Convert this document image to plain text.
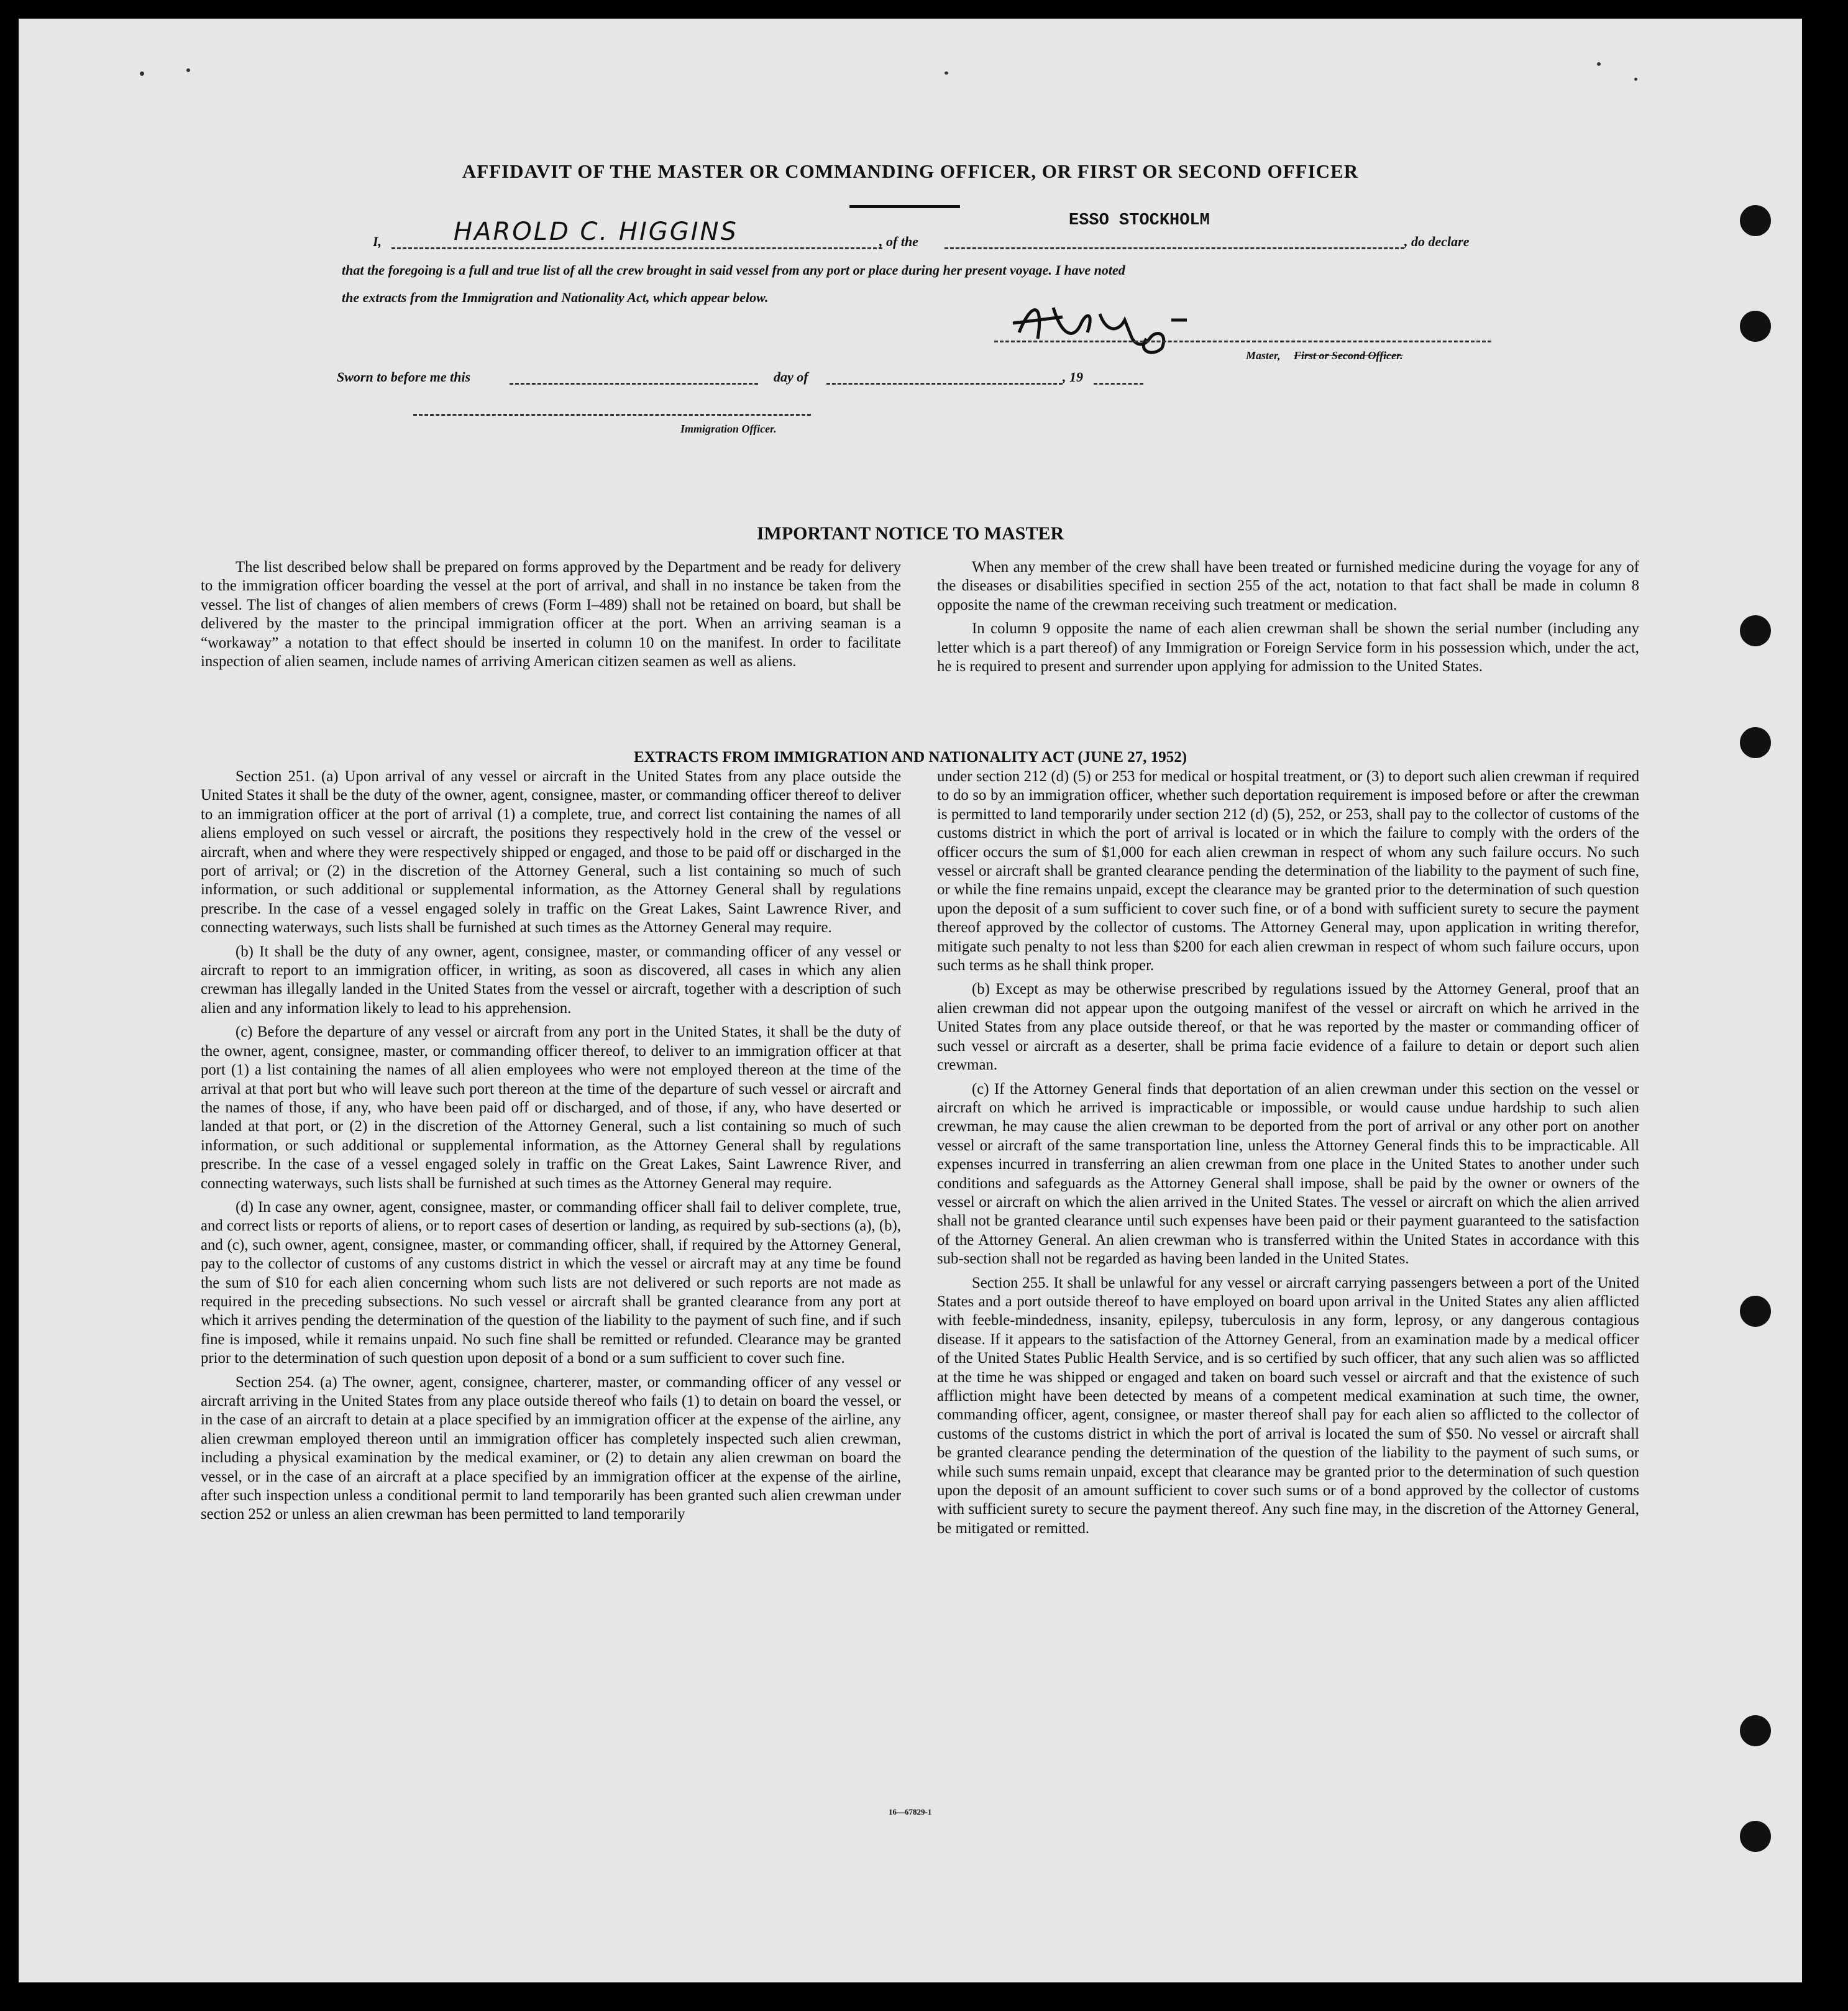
AFFIDAVIT OF THE MASTER OR COMMANDING OFFICER, OR FIRST OR SECOND OFFICER
I,	HAROLD C. HIGGINS	, of the
ESSO STOCKHOLM
, do declare
that the foregoing is a full and true list of all the crew brought in said vessel from any port or place during her present voyage. I have noted
the extracts from the Immigration and Nationality Act, which appear below.
Master, First or Second Officer.
Sworn to before me this	day of	, 19
Immigration Officer.
IMPORTANT NOTICE TO MASTER

The list described below shall be prepared on forms approved by the Department and be ready for delivery to the immigration officer boarding the vessel at the port of arrival, and shall in no instance be taken from the vessel. The list of changes of alien members of crews (Form I–489) shall not be retained on board, but shall be delivered by the master to the principal immigration officer at the port. When an arriving seaman is a “workaway” a notation to that effect should be inserted in column 10 on the manifest. In order to facilitate inspection of alien seamen, include names of arriving American citizen seamen as well as aliens.

When any member of the crew shall have been treated or furnished medicine during the voyage for any of the diseases or disabilities specified in section 255 of the act, notation to that fact shall be made in column 8 opposite the name of the crewman receiving such treatment or medication.

In column 9 opposite the name of each alien crewman shall be shown the serial number (including any letter which is a part thereof) of any Immigration or Foreign Service form in his possession which, under the act, he is required to present and surrender upon applying for admission to the United States.

EXTRACTS FROM IMMIGRATION AND NATIONALITY ACT (JUNE 27, 1952)

Section 251. (a) Upon arrival of any vessel or aircraft in the United States from any place outside the United States it shall be the duty of the owner, agent, consignee, master, or commanding officer thereof to deliver to an immigration officer at the port of arrival (1) a complete, true, and correct list containing the names of all aliens employed on such vessel or aircraft, the positions they respectively hold in the crew of the vessel or aircraft, when and where they were respectively shipped or engaged, and those to be paid off or discharged in the port of arrival; or (2) in the discretion of the Attorney General, such a list containing so much of such information, or such additional or supplemental information, as the Attorney General shall by regulations prescribe. In the case of a vessel engaged solely in traffic on the Great Lakes, Saint Lawrence River, and connecting waterways, such lists shall be furnished at such times as the Attorney General may require.

(b) It shall be the duty of any owner, agent, consignee, master, or commanding officer of any vessel or aircraft to report to an immigration officer, in writing, as soon as discovered, all cases in which any alien crewman has illegally landed in the United States from the vessel or aircraft, together with a description of such alien and any information likely to lead to his apprehension.

(c) Before the departure of any vessel or aircraft from any port in the United States, it shall be the duty of the owner, agent, consignee, master, or commanding officer thereof, to deliver to an immigration officer at that port (1) a list containing the names of all alien employees who were not employed thereon at the time of the arrival at that port but who will leave such port thereon at the time of the departure of such vessel or aircraft and the names of those, if any, who have been paid off or discharged, and of those, if any, who have deserted or landed at that port, or (2) in the discretion of the Attorney General, such a list containing so much of such information, or such additional or supplemental information, as the Attorney General shall by regulations prescribe. In the case of a vessel engaged solely in traffic on the Great Lakes, Saint Lawrence River, and connecting waterways, such lists shall be furnished at such times as the Attorney General may require.

(d) In case any owner, agent, consignee, master, or commanding officer shall fail to deliver complete, true, and correct lists or reports of aliens, or to report cases of desertion or landing, as required by sub-sections (a), (b), and (c), such owner, agent, consignee, master, or commanding officer, shall, if required by the Attorney General, pay to the collector of customs of any customs district in which the vessel or aircraft may at any time be found the sum of $10 for each alien concerning whom such lists are not delivered or such reports are not made as required in the preceding subsections. No such vessel or aircraft shall be granted clearance from any port at which it arrives pending the determination of the question of the liability to the payment of such fine, and if such fine is imposed, while it remains unpaid. No such fine shall be remitted or refunded. Clearance may be granted prior to the determination of such question upon deposit of a bond or a sum sufficient to cover such fine.

Section 254. (a) The owner, agent, consignee, charterer, master, or commanding officer of any vessel or aircraft arriving in the United States from any place outside thereof who fails (1) to detain on board the vessel, or in the case of an aircraft to detain at a place specified by an immigration officer at the expense of the airline, any alien crewman employed thereon until an immigration officer has completely inspected such alien crewman, including a physical examination by the medical examiner, or (2) to detain any alien crewman on board the vessel, or in the case of an aircraft at a place specified by an immigration officer at the expense of the airline, after such inspection unless a conditional permit to land temporarily has been granted such alien crewman under section 252 or unless an alien crewman has been permitted to land temporarily

under section 212 (d) (5) or 253 for medical or hospital treatment, or (3) to deport such alien crewman if required to do so by an immigration officer, whether such deportation requirement is imposed before or after the crewman is permitted to land temporarily under section 212 (d) (5), 252, or 253, shall pay to the collector of customs of the customs district in which the port of arrival is located or in which the failure to comply with the orders of the officer occurs the sum of $1,000 for each alien crewman in respect of whom any such failure occurs. No such vessel or aircraft shall be granted clearance pending the determination of the liability to the payment of such fine, or while the fine remains unpaid, except the clearance may be granted prior to the determination of such question upon the deposit of a sum sufficient to cover such fine, or of a bond with sufficient surety to secure the payment thereof approved by the collector of customs. The Attorney General may, upon application in writing therefor, mitigate such penalty to not less than $200 for each alien crewman in respect of whom such failure occurs, upon such terms as he shall think proper.

(b) Except as may be otherwise prescribed by regulations issued by the Attorney General, proof that an alien crewman did not appear upon the outgoing manifest of the vessel or aircraft on which he arrived in the United States from any place outside thereof, or that he was reported by the master or commanding officer of such vessel or aircraft as a deserter, shall be prima facie evidence of a failure to detain or deport such alien crewman.

(c) If the Attorney General finds that deportation of an alien crewman under this section on the vessel or aircraft on which he arrived is impracticable or impossible, or would cause undue hardship to such alien crewman, he may cause the alien crewman to be deported from the port of arrival or any other port on another vessel or aircraft of the same transportation line, unless the Attorney General finds this to be impracticable. All expenses incurred in transferring an alien crewman from one place in the United States to another under such conditions and safeguards as the Attorney General shall impose, shall be paid by the owner or owners of the vessel or aircraft on which the alien arrived in the United States. The vessel or aircraft on which the alien arrived shall not be granted clearance until such expenses have been paid or their payment guaranteed to the satisfaction of the Attorney General. An alien crewman who is transferred within the United States in accordance with this sub-section shall not be regarded as having been landed in the United States.

Section 255. It shall be unlawful for any vessel or aircraft carrying passengers between a port of the United States and a port outside thereof to have employed on board upon arrival in the United States any alien afflicted with feeble-mindedness, insanity, epilepsy, tuberculosis in any form, leprosy, or any dangerous contagious disease. If it appears to the satisfaction of the Attorney General, from an examination made by a medical officer of the United States Public Health Service, and is so certified by such officer, that any such alien was so afflicted at the time he was shipped or engaged and taken on board such vessel or aircraft and that the existence of such affliction might have been detected by means of a competent medical examination at such time, the owner, commanding officer, agent, consignee, or master thereof shall pay for each alien so afflicted to the collector of customs of the customs district in which the port of arrival is located the sum of $50. No vessel or aircraft shall be granted clearance pending the determination of the question of the liability to the payment of such sums, or while such sums remain unpaid, except that clearance may be granted prior to the determination of such question upon the deposit of an amount sufficient to cover such sums or of a bond approved by the collector of customs with sufficient surety to secure the payment thereof. Any such fine may, in the discretion of the Attorney General, be mitigated or remitted.

16—67829-1
